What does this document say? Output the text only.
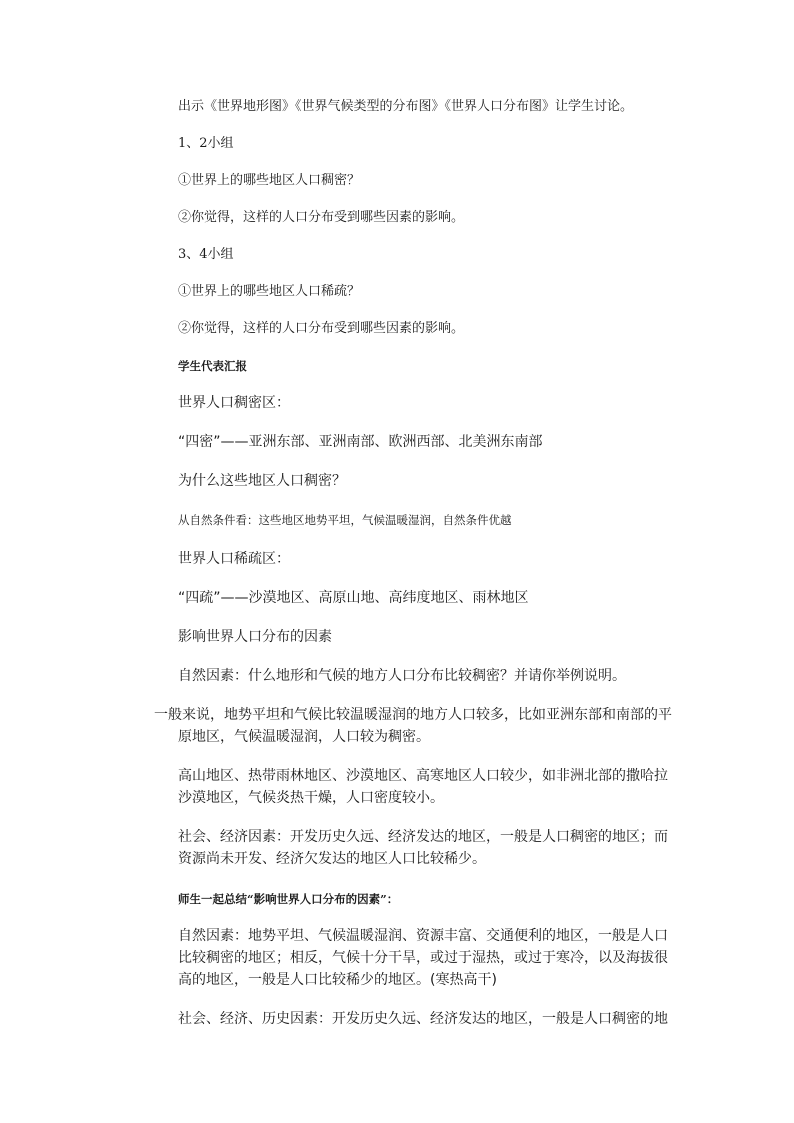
出示《世界地形图》《世界气候类型的分布图》《世界人口分布图》让学生讨论。

1、2小组

①世界上的哪些地区人口稠密？

②你觉得，这样的人口分布受到哪些因素的影响。

3、4小组

①世界上的哪些地区人口稀疏？

②你觉得，这样的人口分布受到哪些因素的影响。

学生代表汇报

世界人口稠密区：

“四密”——亚洲东部、亚洲南部、欧洲西部、北美洲东南部

为什么这些地区人口稠密？

从自然条件看：这些地区地势平坦，气候温暖湿润，自然条件优越

世界人口稀疏区：

“四疏”——沙漠地区、高原山地、高纬度地区、雨林地区

影响世界人口分布的因素

自然因素：什么地形和气候的地方人口分布比较稠密？并请你举例说明。

一般来说，地势平坦和气候比较温暖湿润的地方人口较多，比如亚洲东部和南部的平原地区，气候温暖湿润，人口较为稠密。

高山地区、热带雨林地区、沙漠地区、高寒地区人口较少，如非洲北部的撒哈拉沙漠地区，气候炎热干燥，人口密度较小。

社会、经济因素：开发历史久远、经济发达的地区，一般是人口稠密的地区；而资源尚未开发、经济欠发达的地区人口比较稀少。

师生一起总结“影响世界人口分布的因素”：

自然因素：地势平坦、气候温暖湿润、资源丰富、交通便利的地区，一般是人口比较稠密的地区；相反，气候十分干旱，或过于湿热，或过于寒冷，以及海拔很高的地区，一般是人口比较稀少的地区。(寒热高干)

社会、经济、历史因素：开发历史久远、经济发达的地区，一般是人口稠密的地
